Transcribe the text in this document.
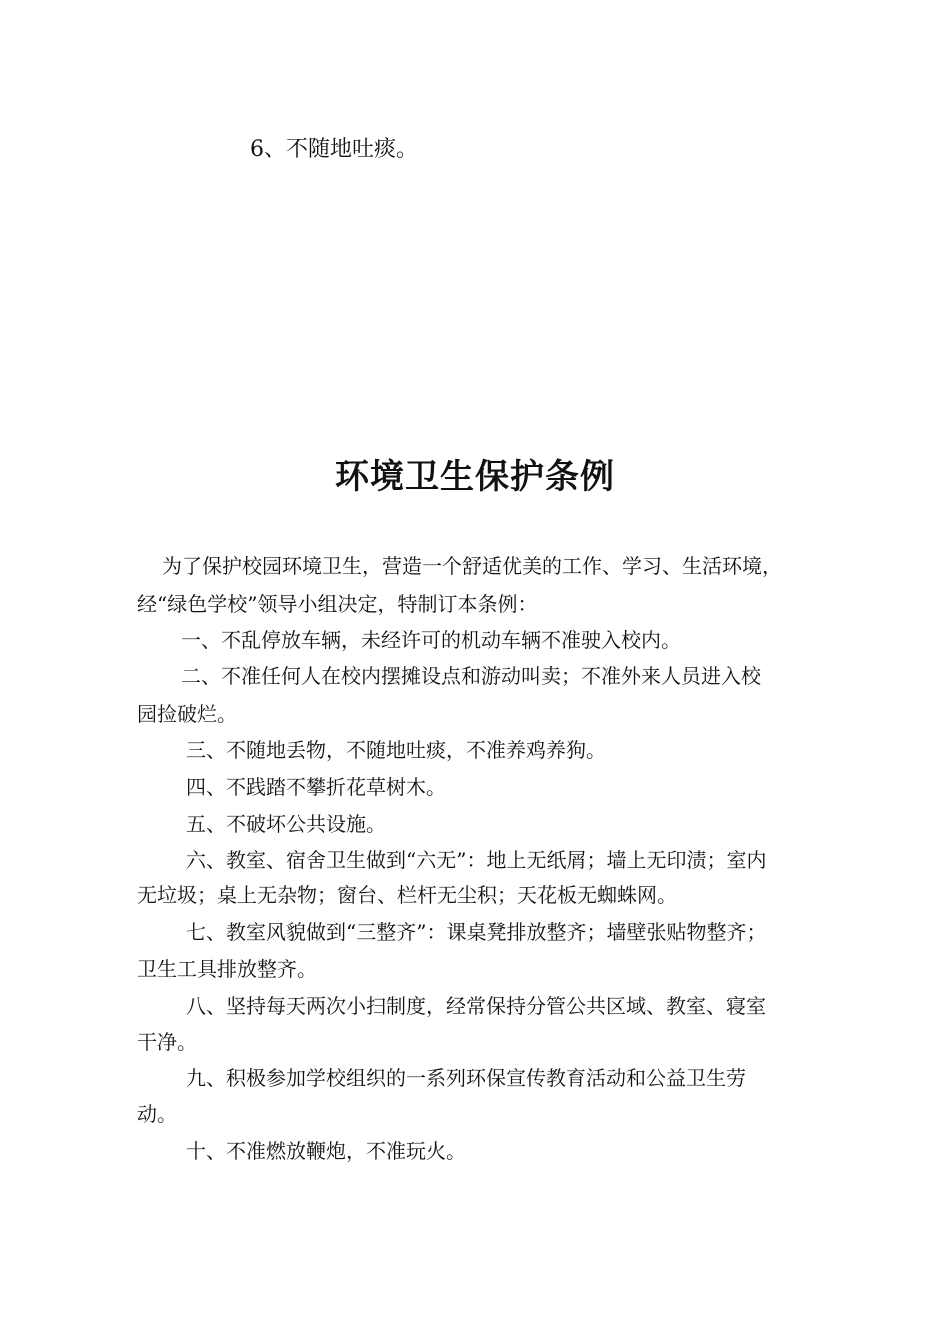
6、不随地吐痰。
环境卫生保护条例
为了保护校园环境卫生，营造一个舒适优美的工作、学习、生活环境，
经“绿色学校”领导小组决定，特制订本条例：
一、不乱停放车辆，未经许可的机动车辆不准驶入校内。
二、不准任何人在校内摆摊设点和游动叫卖；不准外来人员进入校
园捡破烂。
三、不随地丢物，不随地吐痰，不准养鸡养狗。
四、不践踏不攀折花草树木。
五、不破坏公共设施。
六、教室、宿舍卫生做到“六无”：地上无纸屑；墙上无印渍；室内
无垃圾；桌上无杂物；窗台、栏杆无尘积；天花板无蜘蛛网。
七、教室风貌做到“三整齐”：课桌凳排放整齐；墙壁张贴物整齐；
卫生工具排放整齐。
八、坚持每天两次小扫制度，经常保持分管公共区域、教室、寝室
干净。
九、积极参加学校组织的一系列环保宣传教育活动和公益卫生劳
动。
十、不准燃放鞭炮，不准玩火。
